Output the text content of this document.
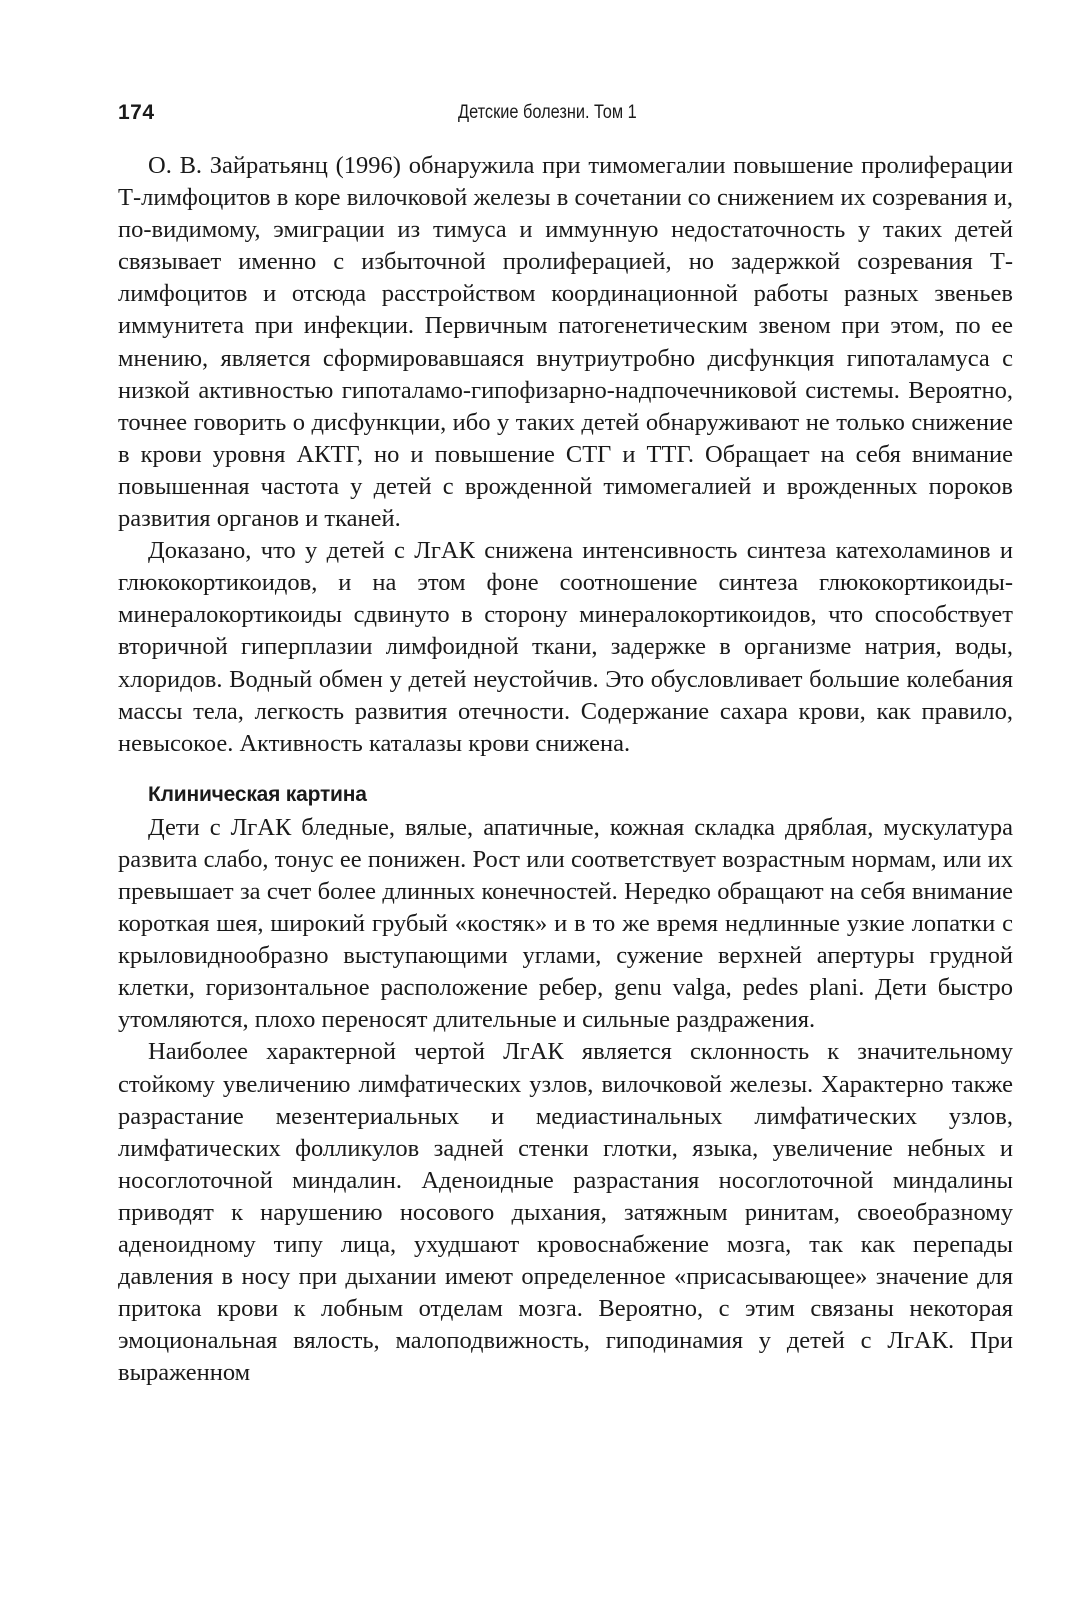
174	Детские болезни. Том 1

О. В. Зайратьянц (1996) обнаружила при тимомегалии повышение пролиферации Т-лимфоцитов в коре вилочковой железы в сочетании со снижением их созревания и, по-видимому, эмиграции из тимуса и иммунную недостаточность у таких детей связывает именно с избыточной пролиферацией, но задержкой созревания Т-лимфоцитов и отсюда расстройством координационной работы разных звеньев иммунитета при инфекции. Первичным патогенетическим звеном при этом, по ее мнению, является сформировавшаяся внутриутробно дисфункция гипоталамуса с низкой активностью гипоталамо-гипофизарно-надпочечниковой системы. Вероятно, точнее говорить о дисфункции, ибо у таких детей обнаруживают не только снижение в крови уровня АКТГ, но и повышение СТГ и ТТГ. Обращает на себя внимание повышенная частота у детей с врожденной тимомегалией и врожденных пороков развития органов и тканей.

Доказано, что у детей с ЛгАК снижена интенсивность синтеза катехоламинов и глюкокортикоидов, и на этом фоне соотношение синтеза глюкокортикоиды-минералокортикоиды сдвинуто в сторону минералокортикоидов, что способствует вторичной гиперплазии лимфоидной ткани, задержке в организме натрия, воды, хлоридов. Водный обмен у детей неустойчив. Это обусловливает большие колебания массы тела, легкость развития отечности. Содержание сахара крови, как правило, невысокое. Активность каталазы крови снижена.

Клиническая картина

Дети с ЛгАК бледные, вялые, апатичные, кожная складка дряблая, мускулатура развита слабо, тонус ее понижен. Рост или соответствует возрастным нормам, или их превышает за счет более длинных конечностей. Нередко обращают на себя внимание короткая шея, широкий грубый «костяк» и в то же время недлинные узкие лопатки с крыловиднообразно выступающими углами, сужение верхней апертуры грудной клетки, горизонтальное расположение ребер, genu valga, pedes plani. Дети быстро утомляются, плохо переносят длительные и сильные раздражения.

Наиболее характерной чертой ЛгАК является склонность к значительному стойкому увеличению лимфатических узлов, вилочковой железы. Характерно также разрастание мезентериальных и медиастинальных лимфатических узлов, лимфатических фолликулов задней стенки глотки, языка, увеличение небных и носоглоточной миндалин. Аденоидные разрастания носоглоточной миндалины приводят к нарушению носового дыхания, затяжным ринитам, своеобразному аденоидному типу лица, ухудшают кровоснабжение мозга, так как перепады давления в носу при дыхании имеют определенное «присасывающее» значение для притока крови к лобным отделам мозга. Вероятно, с этим связаны некоторая эмоциональная вялость, малоподвижность, гиподинамия у детей с ЛгАК. При выраженном
